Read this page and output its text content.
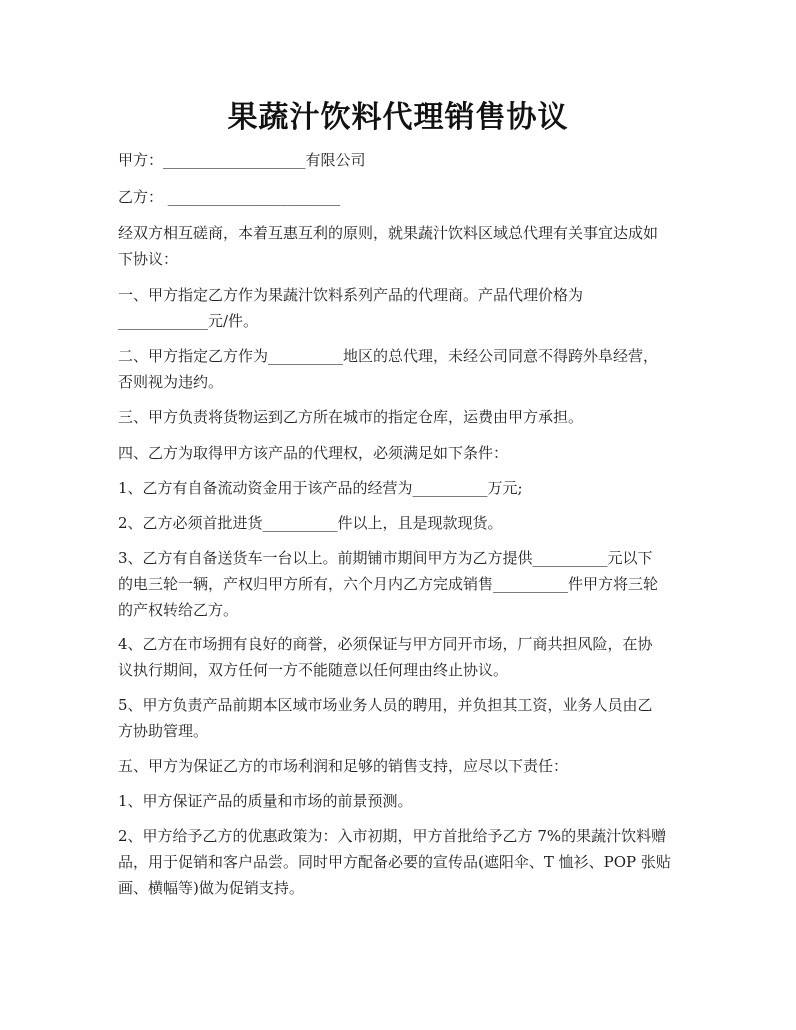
果蔬汁饮料代理销售协议
甲方：___________________有限公司
乙方： _______________________
经双方相互磋商，本着互惠互利的原则，就果蔬汁饮料区域总代理有关事宜达成如
下协议：
一、甲方指定乙方作为果蔬汁饮料系列产品的代理商。产品代理价格为
____________元/件。
二、甲方指定乙方作为__________地区的总代理，未经公司同意不得跨外阜经营，
否则视为违约。
三、甲方负责将货物运到乙方所在城市的指定仓库，运费由甲方承担。
四、乙方为取得甲方该产品的代理权，必须满足如下条件：
1、乙方有自备流动资金用于该产品的经营为__________万元;
2、乙方必须首批进货__________件以上，且是现款现货。
3、乙方有自备送货车一台以上。前期铺市期间甲方为乙方提供__________元以下
的电三轮一辆，产权归甲方所有，六个月内乙方完成销售__________件甲方将三轮
的产权转给乙方。
4、乙方在市场拥有良好的商誉，必须保证与甲方同开市场，厂商共担风险，在协
议执行期间，双方任何一方不能随意以任何理由终止协议。
5、甲方负责产品前期本区域市场业务人员的聘用，并负担其工资，业务人员由乙
方协助管理。
五、甲方为保证乙方的市场利润和足够的销售支持，应尽以下责任：
1、甲方保证产品的质量和市场的前景预测。
2、甲方给予乙方的优惠政策为：入市初期，甲方首批给予乙方 7%的果蔬汁饮料赠
品，用于促销和客户品尝。同时甲方配备必要的宣传品(遮阳伞、T 恤衫、POP 张贴
画、横幅等)做为促销支持。
